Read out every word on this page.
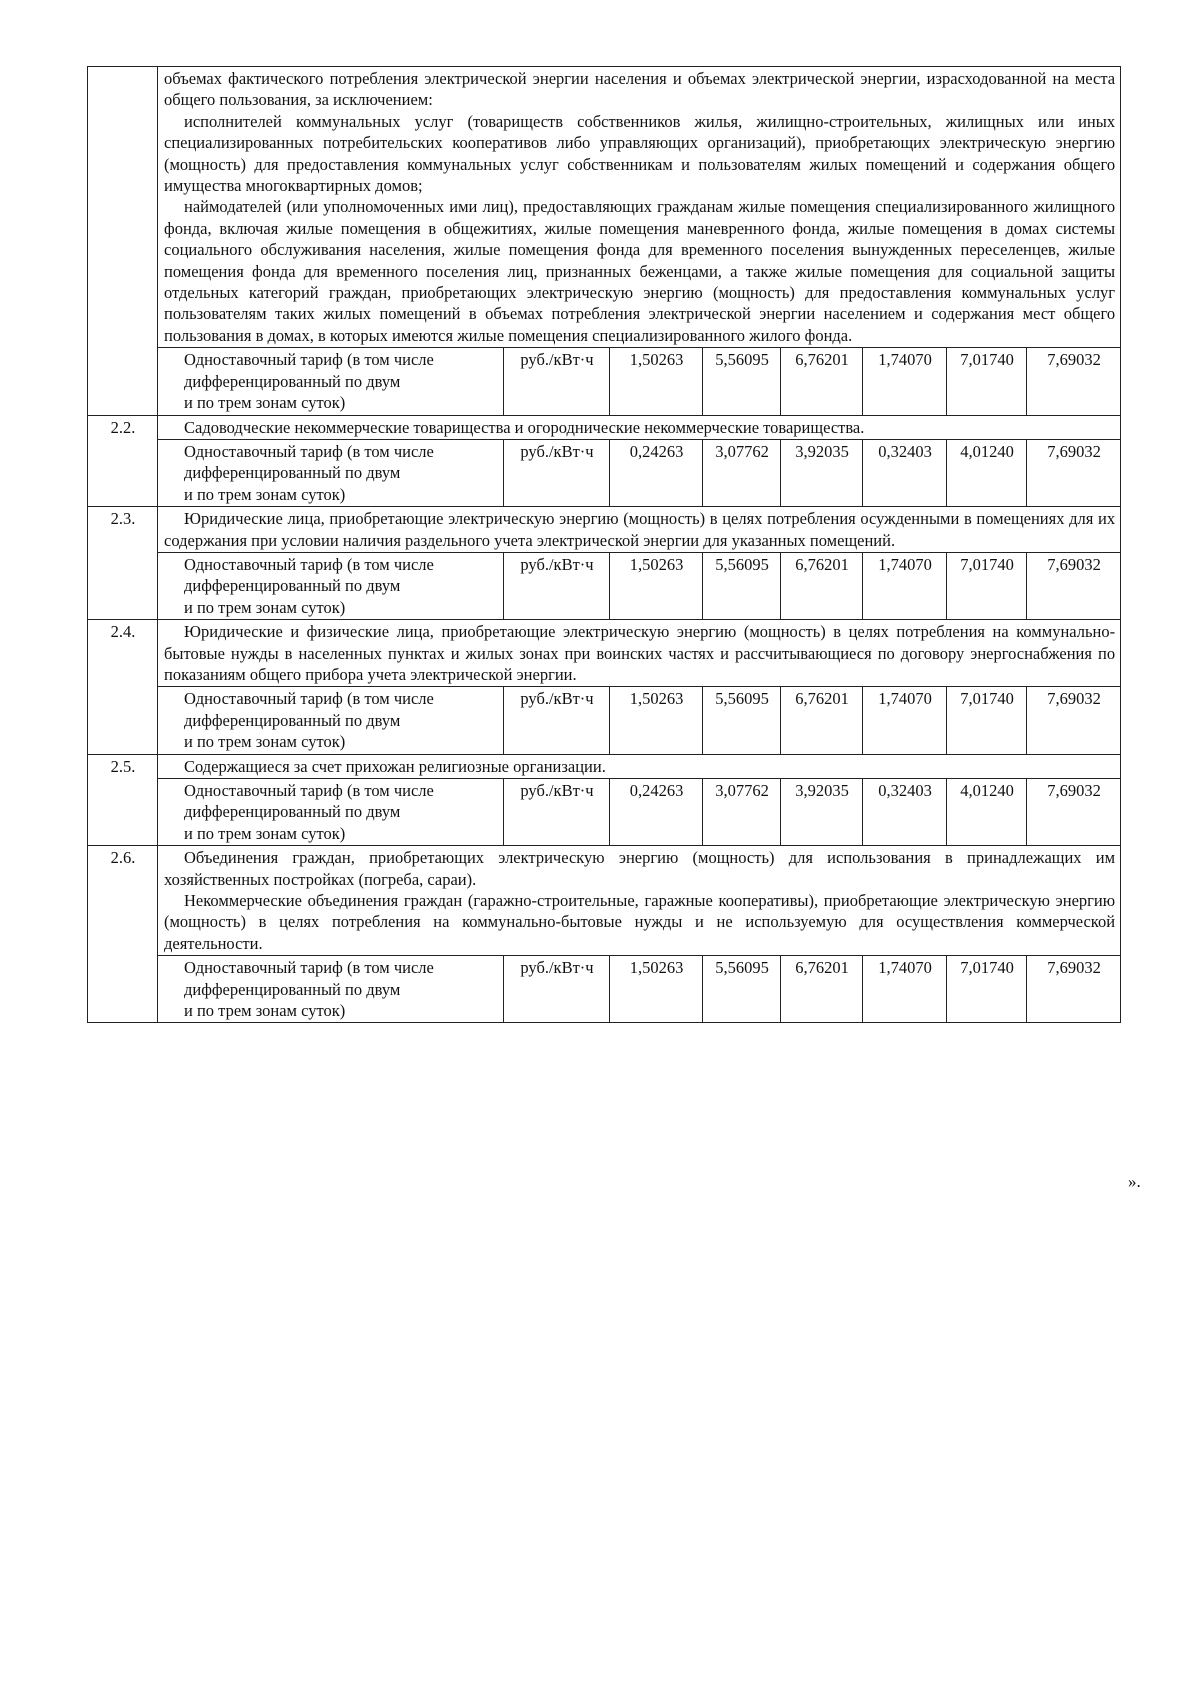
	объемах фактического потребления электрической энергии населения и объемах электрической энергии, израсходованной на места общего пользования, за исключением:

исполнителей коммунальных услуг (товариществ собственников жилья, жилищно-строительных, жилищных или иных специализированных потребительских кооперативов либо управляющих организаций), приобретающих электрическую энергию (мощность) для предоставления коммунальных услуг собственникам и пользователям жилых помещений и содержания общего имущества многоквартирных домов;

наймодателей (или уполномоченных ими лиц), предоставляющих гражданам жилые помещения специализированного жилищного фонда, включая жилые помещения в общежитиях, жилые помещения маневренного фонда, жилые помещения в домах системы социального обслуживания населения, жилые помещения фонда для временного поселения вынужденных переселенцев, жилые помещения фонда для временного поселения лиц, признанных беженцами, а также жилые помещения для социальной защиты отдельных категорий граждан, приобретающих электрическую энергию (мощность) для предоставления коммунальных услуг пользователям таких жилых помещений в объемах потребления электрической энергии населением и содержания мест общего пользования в домах, в которых имеются жилые помещения специализированного жилого фонда.							

	Одноставочный тариф (в том числе
дифференцированный по двум
и по трем зонам суток)	руб./кВт·ч	1,50263	5,56095	6,76201	1,74070	7,01740	7,69032
2.2.	Садоводческие некоммерческие товарищества и огороднические некоммерческие товарищества.							

	Одноставочный тариф (в том числе
дифференцированный по двум
и по трем зонам суток)	руб./кВт·ч	0,24263	3,07762	3,92035	0,32403	4,01240	7,69032
2.3.	Юридические лица, приобретающие электрическую энергию (мощность) в целях потребления осужденными в помещениях для их содержания при условии наличия раздельного учета электрической энергии для указанных помещений.							

	Одноставочный тариф (в том числе
дифференцированный по двум
и по трем зонам суток)	руб./кВт·ч	1,50263	5,56095	6,76201	1,74070	7,01740	7,69032
2.4.	Юридические и физические лица, приобретающие электрическую энергию (мощность) в целях потребления на коммунально-бытовые нужды в населенных пунктах и жилых зонах при воинских частях и рассчитывающиеся по договору энергоснабжения по показаниям общего прибора учета электрической энергии.							

	Одноставочный тариф (в том числе
дифференцированный по двум
и по трем зонам суток)	руб./кВт·ч	1,50263	5,56095	6,76201	1,74070	7,01740	7,69032
2.5.	Содержащиеся за счет прихожан религиозные организации.							

	Одноставочный тариф (в том числе
дифференцированный по двум
и по трем зонам суток)	руб./кВт·ч	0,24263	3,07762	3,92035	0,32403	4,01240	7,69032
2.6.	Объединения граждан, приобретающих электрическую энергию (мощность) для использования в принадлежащих им хозяйственных постройках (погреба, сараи).

Некоммерческие объединения граждан (гаражно-строительные, гаражные кооперативы), приобретающие электрическую энергию (мощность) в целях потребления на коммунально-бытовые нужды и не используемую для осуществления коммерческой деятельности.							

	Одноставочный тариф (в том числе
дифференцированный по двум
и по трем зонам суток)	руб./кВт·ч	1,50263	5,56095	6,76201	1,74070	7,01740	7,69032
».
